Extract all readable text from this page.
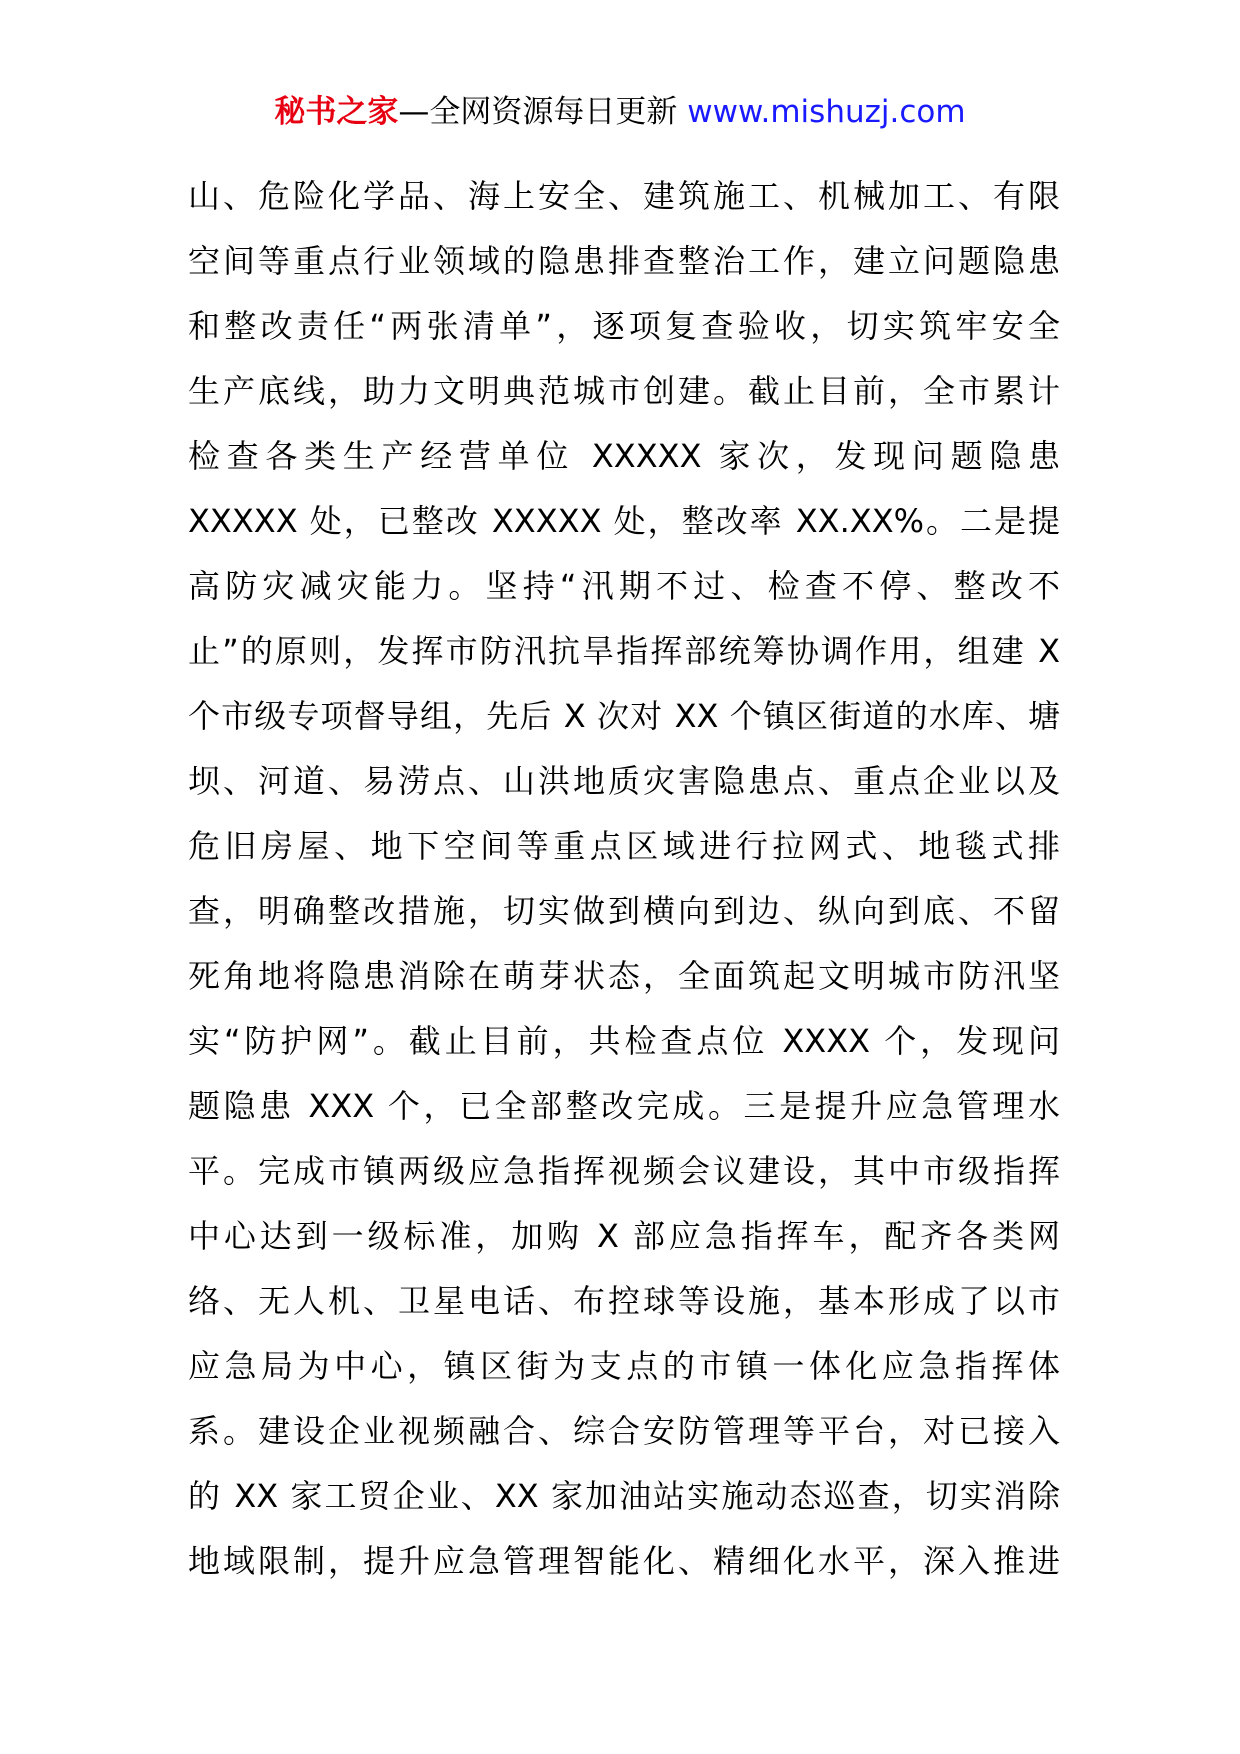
秘书之家—全网资源每日更新 www.mishuzj.com
山、危险化学品、海上安全、建筑施工、机械加工、有限
空间等重点行业领域的隐患排查整治工作，建立问题隐患
和整改责任“两张清单”，逐项复查验收，切实筑牢安全
生产底线，助力文明典范城市创建。截止目前，全市累计
检查各类生产经营单位 XXXXX 家次，发现问题隐患
XXXXX 处，已整改 XXXXX 处，整改率 XX.XX%。二是提
高防灾减灾能力。坚持“汛期不过、检查不停、整改不
止”的原则，发挥市防汛抗旱指挥部统筹协调作用，组建 X
个市级专项督导组，先后 X 次对 XX 个镇区街道的水库、塘
坝、河道、易涝点、山洪地质灾害隐患点、重点企业以及
危旧房屋、地下空间等重点区域进行拉网式、地毯式排
查，明确整改措施，切实做到横向到边、纵向到底、不留
死角地将隐患消除在萌芽状态，全面筑起文明城市防汛坚
实“防护网”。截止目前，共检查点位 XXXX 个，发现问
题隐患 XXX 个，已全部整改完成。三是提升应急管理水
平。完成市镇两级应急指挥视频会议建设，其中市级指挥
中心达到一级标准，加购 X 部应急指挥车，配齐各类网
络、无人机、卫星电话、布控球等设施，基本形成了以市
应急局为中心，镇区街为支点的市镇一体化应急指挥体
系。建设企业视频融合、综合安防管理等平台，对已接入
的 XX 家工贸企业、XX 家加油站实施动态巡查，切实消除
地域限制，提升应急管理智能化、精细化水平，深入推进
